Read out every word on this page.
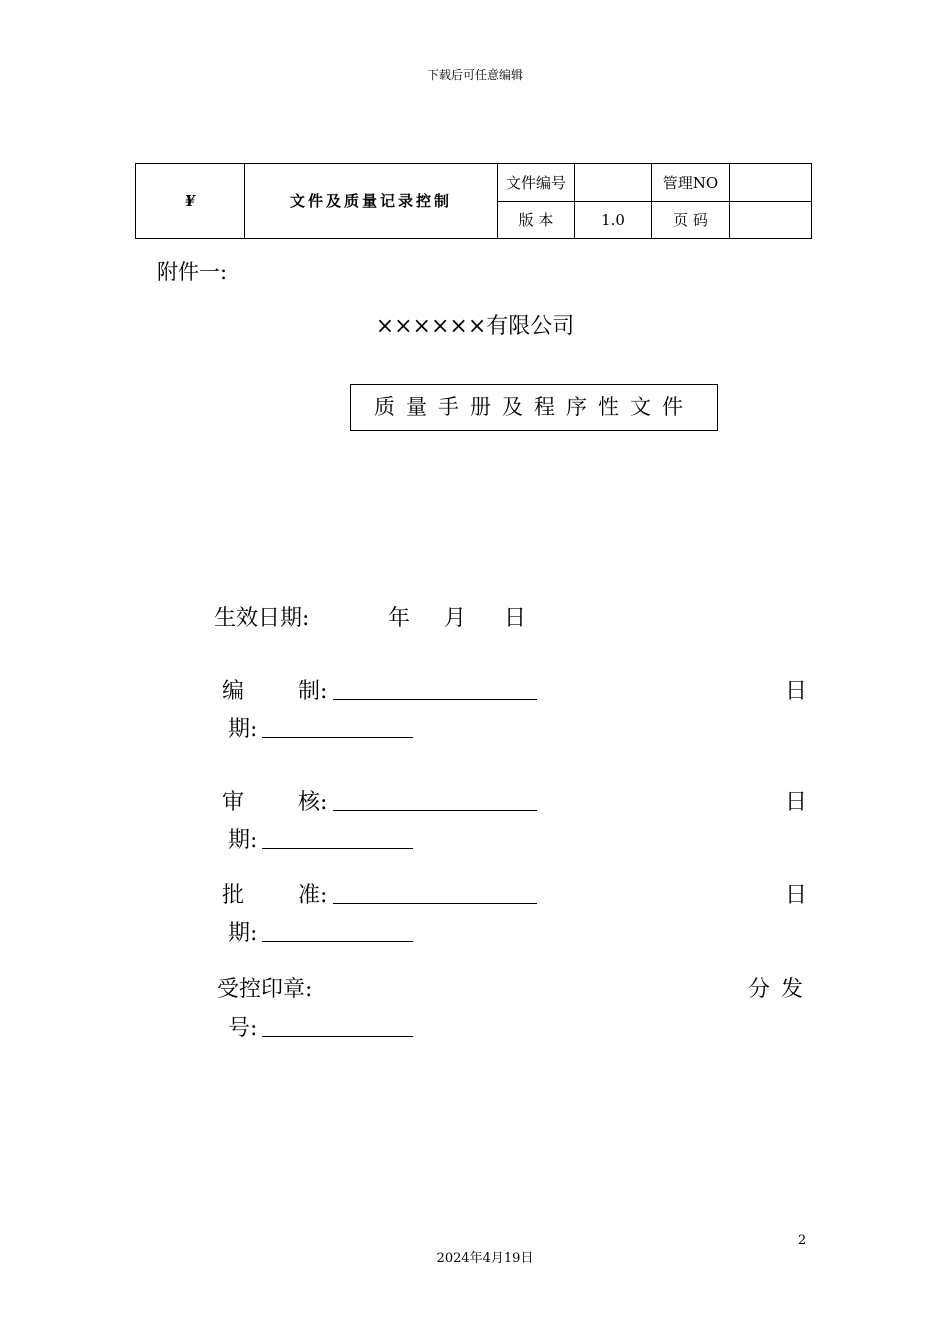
下载后可任意编辑
¥	文件及质量记录控制	文件编号		管理NO	
		版 本	1.0	页 码	
附件一:
××××××有限公司
质量手册及程序性文件
生效日期:	年 月 日
编 制:	日
期:
审 核:	日
期:
批 准:	日
期:
受控印章:	分 发
号:
2
2024年4月19日
